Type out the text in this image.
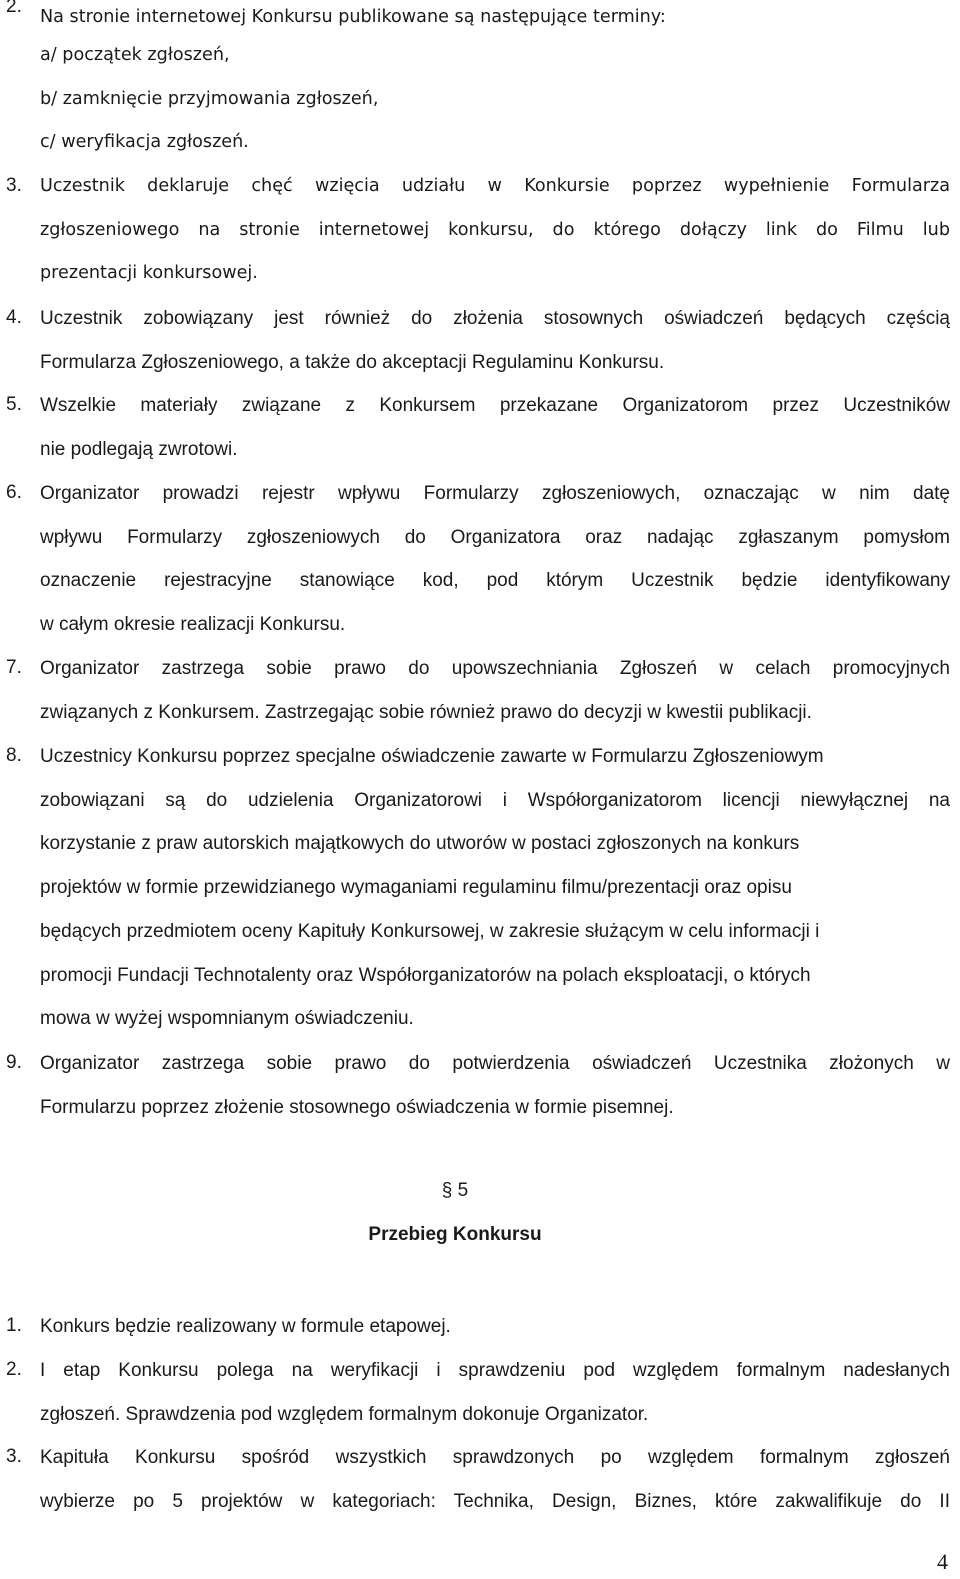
2.	Na stronie internetowej Konkursu publikowane są następujące terminy:
a/ początek zgłoszeń,
b/ zamknięcie przyjmowania zgłoszeń,
c/ weryfikacja zgłoszeń.
3.	Uczestnik deklaruje chęć wzięcia udziału w Konkursie poprzez wypełnienie Formularza
zgłoszeniowego na stronie internetowej konkursu, do którego dołączy link do Filmu lub
prezentacji konkursowej.
4. Uczestnik zobowiązany jest również do złożenia stosownych oświadczeń będących częścią
Formularza Zgłoszeniowego, a także do akceptacji Regulaminu Konkursu.
5. Wszelkie materiały związane z Konkursem przekazane Organizatorom przez Uczestników
nie podlegają zwrotowi.
6. Organizator prowadzi rejestr wpływu Formularzy zgłoszeniowych, oznaczając w nim datę
wpływu Formularzy zgłoszeniowych do Organizatora oraz nadając zgłaszanym pomysłom
oznaczenie rejestracyjne stanowiące kod, pod którym Uczestnik będzie identyfikowany
w całym okresie realizacji Konkursu.
7. Organizator zastrzega sobie prawo do upowszechniania Zgłoszeń w celach promocyjnych
związanych z Konkursem. Zastrzegając sobie również prawo do decyzji w kwestii publikacji.
8. Uczestnicy Konkursu poprzez specjalne oświadczenie zawarte w Formularzu Zgłoszeniowym
zobowiązani są do udzielenia Organizatorowi i Współorganizatorom licencji niewyłącznej na
korzystanie z praw autorskich majątkowych do utworów w postaci zgłoszonych na konkurs
projektów w formie przewidzianego wymaganiami regulaminu filmu/prezentacji oraz opisu
będących przedmiotem oceny Kapituły Konkursowej, w zakresie służącym w celu informacji i
promocji Fundacji Technotalenty oraz Współorganizatorów na polach eksploatacji, o których
mowa w wyżej wspomnianym oświadczeniu.
9. Organizator zastrzega sobie prawo do potwierdzenia oświadczeń Uczestnika złożonych w
Formularzu poprzez złożenie stosownego oświadczenia w formie pisemnej.
§ 5
Przebieg Konkursu
1. Konkurs będzie realizowany w formule etapowej.
2. I etap Konkursu polega na weryfikacji i sprawdzeniu pod względem formalnym nadesłanych
zgłoszeń. Sprawdzenia pod względem formalnym dokonuje Organizator.
3. Kapituła Konkursu spośród wszystkich sprawdzonych po względem formalnym zgłoszeń
wybierze po 5 projektów w kategoriach: Technika, Design, Biznes, które zakwalifikuje do II
4
